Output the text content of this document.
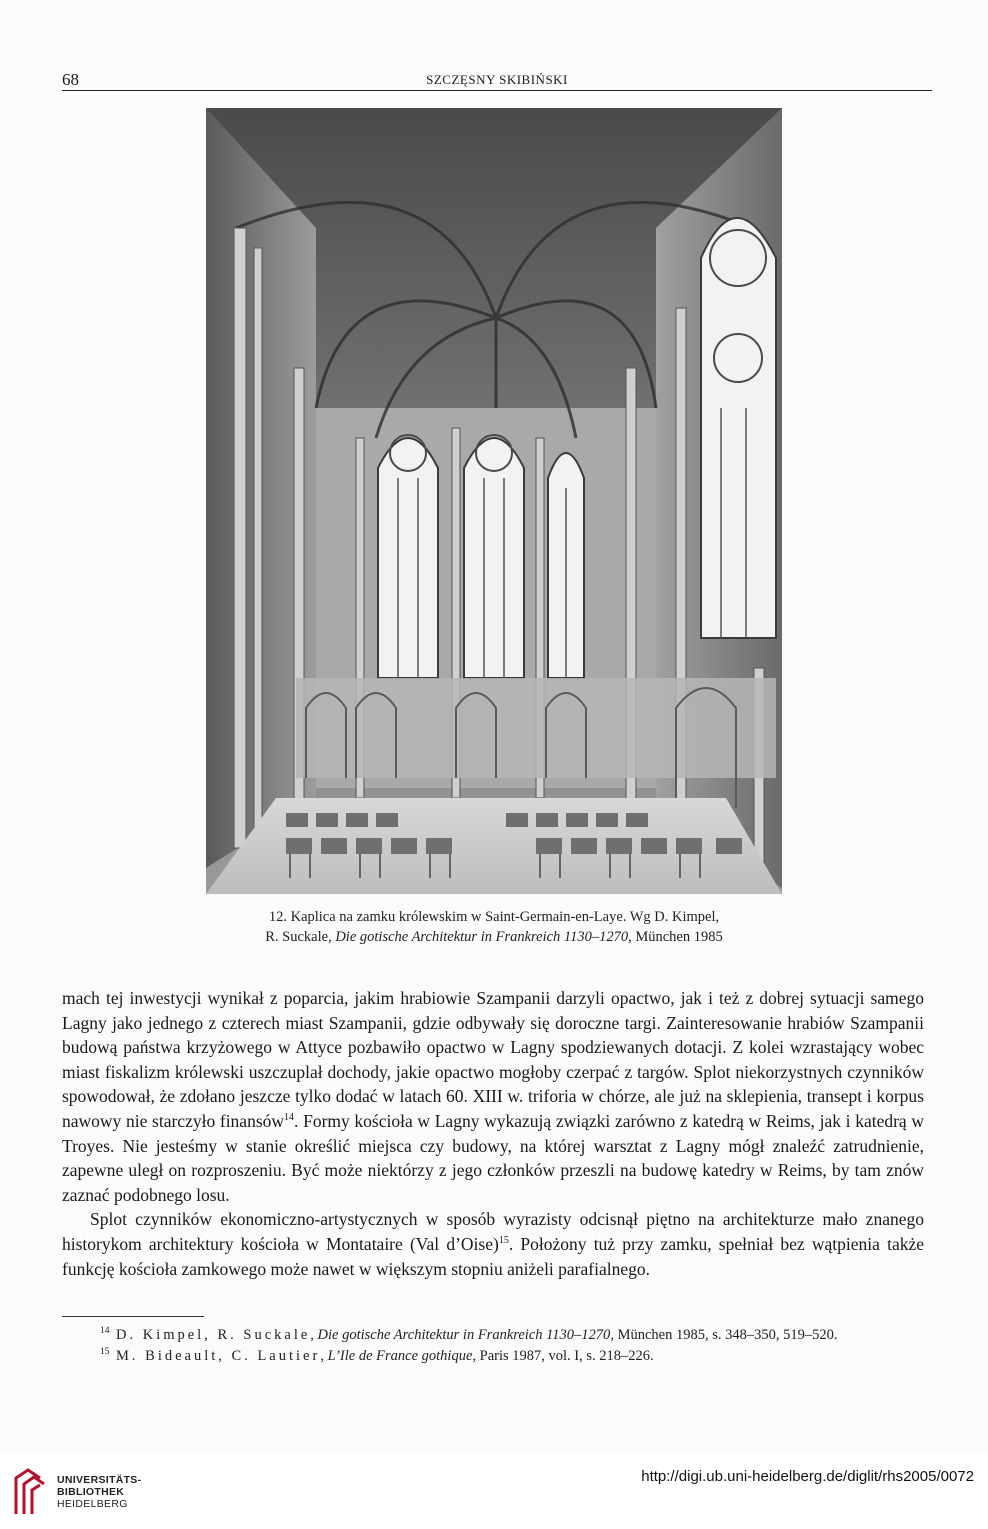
68	SZCZĘSNY SKIBIŃSKI
12. Kaplica na zamku królewskim w Saint-Germain-en-Laye. Wg D. Kimpel,
R. Suckale, Die gotische Architektur in Frankreich 1130–1270, München 1985

mach tej inwestycji wynikał z poparcia, jakim hrabiowie Szampanii darzyli opactwo, jak i też z dobrej sytuacji samego Lagny jako jednego z czterech miast Szampanii, gdzie odbywały się doroczne targi. Zainteresowanie hrabiów Szampanii budową państwa krzyżowego w Attyce pozbawiło opactwo w Lagny spodziewanych dotacji. Z kolei wzrastający wobec miast fiskalizm królewski uszczuplał dochody, jakie opactwo mogłoby czerpać z targów. Splot niekorzystnych czynników spowodował, że zdołano jeszcze tylko dodać w latach 60. XIII w. triforia w chórze, ale już na sklepienia, transept i korpus nawowy nie starczyło finansów$^{14}$. Formy kościoła w Lagny wykazują związki zarówno z katedrą w Reims, jak i katedrą w Troyes. Nie jesteśmy w stanie określić miejsca czy budowy, na której warsztat z Lagny mógł znaleźć zatrudnienie, zapewne uległ on rozproszeniu. Być może niektórzy z jego członków przeszli na budowę katedry w Reims, by tam znów zaznać podobnego losu.

Splot czynników ekonomiczno-artystycznych w sposób wyrazisty odcisnął piętno na architekturze mało znanego historykom architektury kościoła w Montataire (Val d’Oise)$^{15}$. Położony tuż przy zamku, spełniał bez wątpienia także funkcję kościoła zamkowego może nawet w większym stopniu aniżeli parafialnego.

14 D. Kimpel, R. Suckale, Die gotische Architektur in Frankreich 1130–1270, München 1985, s. 348–350, 519–520.
15 M. Bideault, C. Lautier, L’Ile de France gothique, Paris 1987, vol. I, s. 218–226.
UNIVERSITÄTS-
BIBLIOTHEK
HEIDELBERG
http://digi.ub.uni-heidelberg.de/diglit/rhs2005/0072
